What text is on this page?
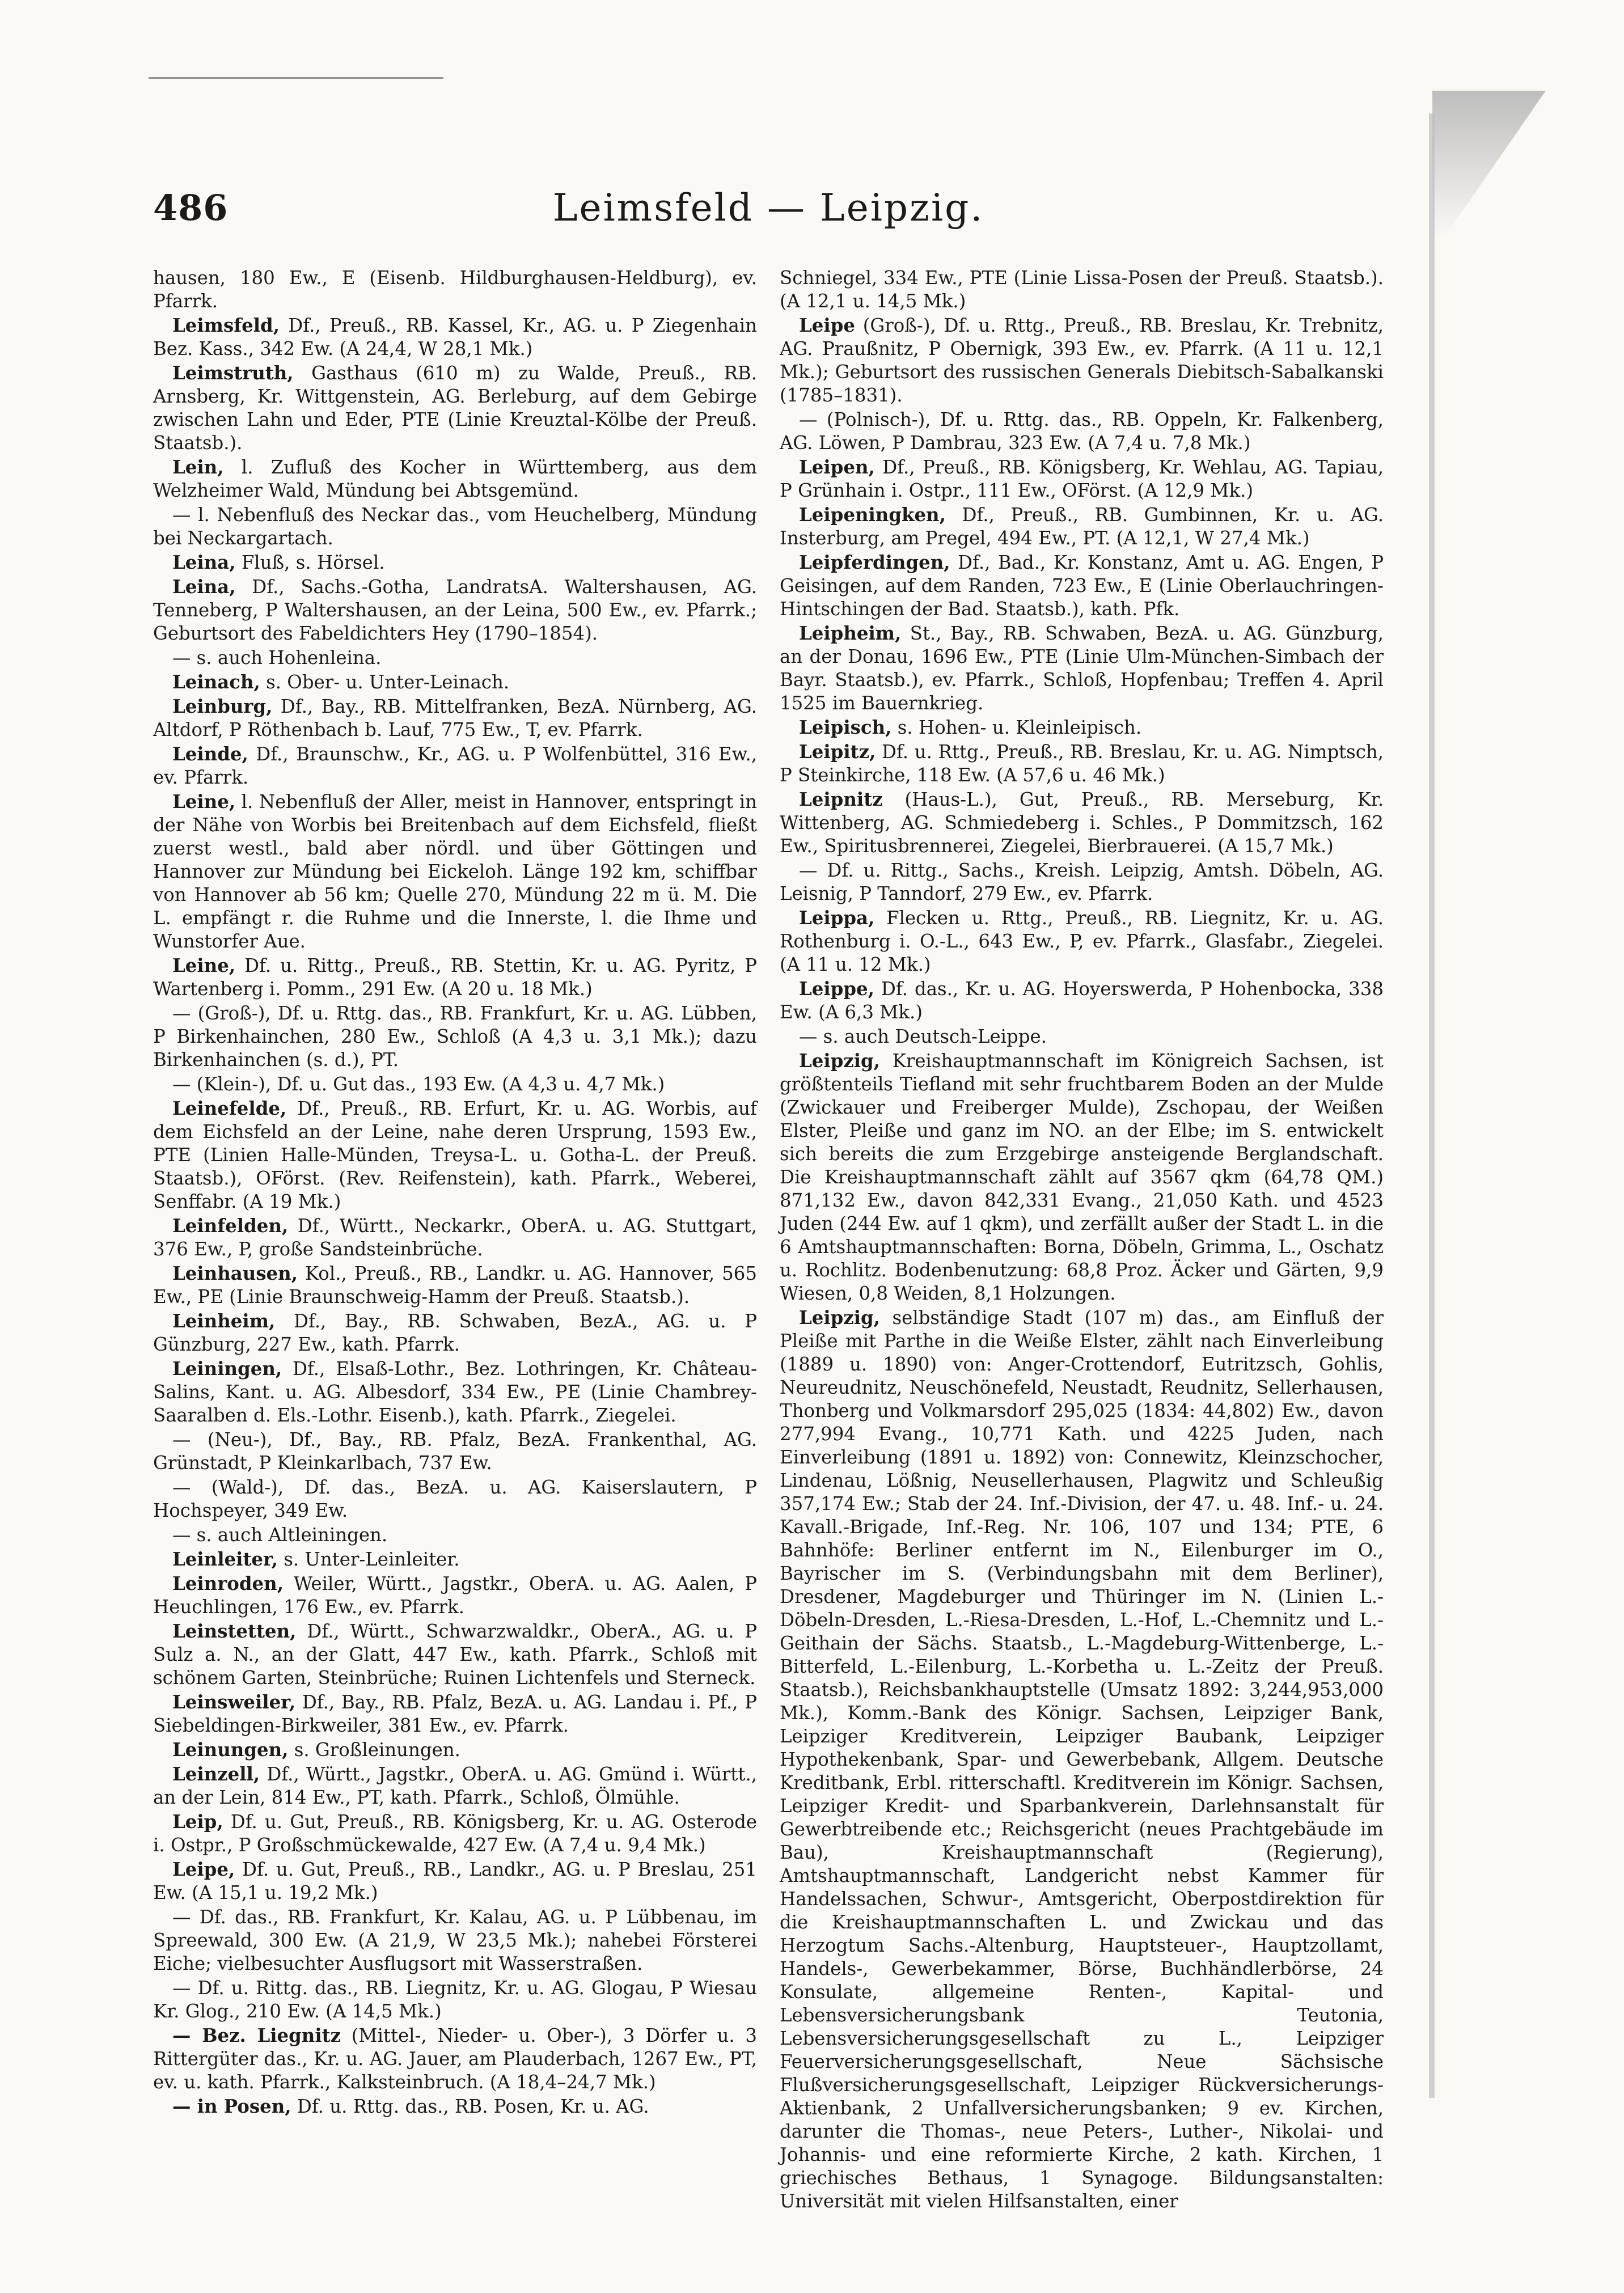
486	Leimsfeld — Leipzig.

hausen, 180 Ew., E (Eisenb. Hildburghausen-Heldburg), ev. Pfarrk.

Leimsfeld, Df., Preuß., RB. Kassel, Kr., AG. u. P Ziegenhain Bez. Kass., 342 Ew. (A 24,4, W 28,1 Mk.)

Leimstruth, Gasthaus (610 m) zu Walde, Preuß., RB. Arnsberg, Kr. Wittgenstein, AG. Berleburg, auf dem Gebirge zwischen Lahn und Eder, PTE (Linie Kreuztal-Kölbe der Preuß. Staatsb.).

Lein, l. Zufluß des Kocher in Württemberg, aus dem Welzheimer Wald, Mündung bei Abtsgemünd.

— l. Nebenfluß des Neckar das., vom Heuchelberg, Mündung bei Neckargartach.

Leina, Fluß, s. Hörsel.

Leina, Df., Sachs.-Gotha, LandratsA. Waltershausen, AG. Tenneberg, P Waltershausen, an der Leina, 500 Ew., ev. Pfarrk.; Geburtsort des Fabeldichters Hey (1790–1854).

— s. auch Hohenleina.

Leinach, s. Ober- u. Unter-Leinach.

Leinburg, Df., Bay., RB. Mittelfranken, BezA. Nürnberg, AG. Altdorf, P Röthenbach b. Lauf, 775 Ew., T, ev. Pfarrk.

Leinde, Df., Braunschw., Kr., AG. u. P Wolfenbüttel, 316 Ew., ev. Pfarrk.

Leine, l. Nebenfluß der Aller, meist in Hannover, entspringt in der Nähe von Worbis bei Breitenbach auf dem Eichsfeld, fließt zuerst westl., bald aber nördl. und über Göttingen und Hannover zur Mündung bei Eickeloh. Länge 192 km, schiffbar von Hannover ab 56 km; Quelle 270, Mündung 22 m ü. M. Die L. empfängt r. die Ruhme und die Innerste, l. die Ihme und Wunstorfer Aue.

Leine, Df. u. Rittg., Preuß., RB. Stettin, Kr. u. AG. Pyritz, P Wartenberg i. Pomm., 291 Ew. (A 20 u. 18 Mk.)

— (Groß-), Df. u. Rttg. das., RB. Frankfurt, Kr. u. AG. Lübben, P Birkenhainchen, 280 Ew., Schloß (A 4,3 u. 3,1 Mk.); dazu Birkenhainchen (s. d.), PT.

— (Klein-), Df. u. Gut das., 193 Ew. (A 4,3 u. 4,7 Mk.)

Leinefelde, Df., Preuß., RB. Erfurt, Kr. u. AG. Worbis, auf dem Eichsfeld an der Leine, nahe deren Ursprung, 1593 Ew., PTE (Linien Halle-Münden, Treysa-L. u. Gotha-L. der Preuß. Staatsb.), OFörst. (Rev. Reifenstein), kath. Pfarrk., Weberei, Senffabr. (A 19 Mk.)

Leinfelden, Df., Württ., Neckarkr., OberA. u. AG. Stuttgart, 376 Ew., P, große Sandsteinbrüche.

Leinhausen, Kol., Preuß., RB., Landkr. u. AG. Hannover, 565 Ew., PE (Linie Braunschweig-Hamm der Preuß. Staatsb.).

Leinheim, Df., Bay., RB. Schwaben, BezA., AG. u. P Günzburg, 227 Ew., kath. Pfarrk.

Leiningen, Df., Elsaß-Lothr., Bez. Lothringen, Kr. Château-Salins, Kant. u. AG. Albesdorf, 334 Ew., PE (Linie Chambrey-Saaralben d. Els.-Lothr. Eisenb.), kath. Pfarrk., Ziegelei.

— (Neu-), Df., Bay., RB. Pfalz, BezA. Frankenthal, AG. Grünstadt, P Kleinkarlbach, 737 Ew.

— (Wald-), Df. das., BezA. u. AG. Kaiserslautern, P Hochspeyer, 349 Ew.

— s. auch Altleiningen.

Leinleiter, s. Unter-Leinleiter.

Leinroden, Weiler, Württ., Jagstkr., OberA. u. AG. Aalen, P Heuchlingen, 176 Ew., ev. Pfarrk.

Leinstetten, Df., Württ., Schwarzwaldkr., OberA., AG. u. P Sulz a. N., an der Glatt, 447 Ew., kath. Pfarrk., Schloß mit schönem Garten, Steinbrüche; Ruinen Lichtenfels und Sterneck.

Leinsweiler, Df., Bay., RB. Pfalz, BezA. u. AG. Landau i. Pf., P Siebeldingen-Birkweiler, 381 Ew., ev. Pfarrk.

Leinungen, s. Großleinungen.

Leinzell, Df., Württ., Jagstkr., OberA. u. AG. Gmünd i. Württ., an der Lein, 814 Ew., PT, kath. Pfarrk., Schloß, Ölmühle.

Leip, Df. u. Gut, Preuß., RB. Königsberg, Kr. u. AG. Osterode i. Ostpr., P Großschmückewalde, 427 Ew. (A 7,4 u. 9,4 Mk.)

Leipe, Df. u. Gut, Preuß., RB., Landkr., AG. u. P Breslau, 251 Ew. (A 15,1 u. 19,2 Mk.)

— Df. das., RB. Frankfurt, Kr. Kalau, AG. u. P Lübbenau, im Spreewald, 300 Ew. (A 21,9, W 23,5 Mk.); nahebei Försterei Eiche; vielbesuchter Ausflugsort mit Wasserstraßen.

— Df. u. Rittg. das., RB. Liegnitz, Kr. u. AG. Glogau, P Wiesau Kr. Glog., 210 Ew. (A 14,5 Mk.)

— Bez. Liegnitz (Mittel-, Nieder- u. Ober-), 3 Dörfer u. 3 Rittergüter das., Kr. u. AG. Jauer, am Plauderbach, 1267 Ew., PT, ev. u. kath. Pfarrk., Kalksteinbruch. (A 18,4–24,7 Mk.)

— in Posen, Df. u. Rttg. das., RB. Posen, Kr. u. AG.

Schniegel, 334 Ew., PTE (Linie Lissa-Posen der Preuß. Staatsb.). (A 12,1 u. 14,5 Mk.)

Leipe (Groß-), Df. u. Rttg., Preuß., RB. Breslau, Kr. Trebnitz, AG. Praußnitz, P Obernigk, 393 Ew., ev. Pfarrk. (A 11 u. 12,1 Mk.); Geburtsort des russischen Generals Diebitsch-Sabalkanski (1785–1831).

— (Polnisch-), Df. u. Rttg. das., RB. Oppeln, Kr. Falkenberg, AG. Löwen, P Dambrau, 323 Ew. (A 7,4 u. 7,8 Mk.)

Leipen, Df., Preuß., RB. Königsberg, Kr. Wehlau, AG. Tapiau, P Grünhain i. Ostpr., 111 Ew., OFörst. (A 12,9 Mk.)

Leipeningken, Df., Preuß., RB. Gumbinnen, Kr. u. AG. Insterburg, am Pregel, 494 Ew., PT. (A 12,1, W 27,4 Mk.)

Leipferdingen, Df., Bad., Kr. Konstanz, Amt u. AG. Engen, P Geisingen, auf dem Randen, 723 Ew., E (Linie Oberlauchringen-Hintschingen der Bad. Staatsb.), kath. Pfk.

Leipheim, St., Bay., RB. Schwaben, BezA. u. AG. Günzburg, an der Donau, 1696 Ew., PTE (Linie Ulm-München-Simbach der Bayr. Staatsb.), ev. Pfarrk., Schloß, Hopfenbau; Treffen 4. April 1525 im Bauernkrieg.

Leipisch, s. Hohen- u. Kleinleipisch.

Leipitz, Df. u. Rttg., Preuß., RB. Breslau, Kr. u. AG. Nimptsch, P Steinkirche, 118 Ew. (A 57,6 u. 46 Mk.)

Leipnitz (Haus-L.), Gut, Preuß., RB. Merseburg, Kr. Wittenberg, AG. Schmiedeberg i. Schles., P Dommitzsch, 162 Ew., Spiritusbrennerei, Ziegelei, Bierbrauerei. (A 15,7 Mk.)

— Df. u. Rittg., Sachs., Kreish. Leipzig, Amtsh. Döbeln, AG. Leisnig, P Tanndorf, 279 Ew., ev. Pfarrk.

Leippa, Flecken u. Rttg., Preuß., RB. Liegnitz, Kr. u. AG. Rothenburg i. O.-L., 643 Ew., P, ev. Pfarrk., Glasfabr., Ziegelei. (A 11 u. 12 Mk.)

Leippe, Df. das., Kr. u. AG. Hoyerswerda, P Hohenbocka, 338 Ew. (A 6,3 Mk.)

— s. auch Deutsch-Leippe.

Leipzig, Kreishauptmannschaft im Königreich Sachsen, ist größtenteils Tiefland mit sehr fruchtbarem Boden an der Mulde (Zwickauer und Freiberger Mulde), Zschopau, der Weißen Elster, Pleiße und ganz im NO. an der Elbe; im S. entwickelt sich bereits die zum Erzgebirge ansteigende Berglandschaft. Die Kreishauptmannschaft zählt auf 3567 qkm (64,78 QM.) 871,132 Ew., davon 842,331 Evang., 21,050 Kath. und 4523 Juden (244 Ew. auf 1 qkm), und zerfällt außer der Stadt L. in die 6 Amtshauptmannschaften: Borna, Döbeln, Grimma, L., Oschatz u. Rochlitz. Bodenbenutzung: 68,8 Proz. Äcker und Gärten, 9,9 Wiesen, 0,8 Weiden, 8,1 Holzungen.

Leipzig, selbständige Stadt (107 m) das., am Einfluß der Pleiße mit Parthe in die Weiße Elster, zählt nach Einverleibung (1889 u. 1890) von: Anger-Crottendorf, Eutritzsch, Gohlis, Neureudnitz, Neuschönefeld, Neustadt, Reudnitz, Sellerhausen, Thonberg und Volkmarsdorf 295,025 (1834: 44,802) Ew., davon 277,994 Evang., 10,771 Kath. und 4225 Juden, nach Einverleibung (1891 u. 1892) von: Connewitz, Kleinzschocher, Lindenau, Lößnig, Neusellerhausen, Plagwitz und Schleußig 357,174 Ew.; Stab der 24. Inf.-Division, der 47. u. 48. Inf.- u. 24. Kavall.-Brigade, Inf.-Reg. Nr. 106, 107 und 134; PTE, 6 Bahnhöfe: Berliner entfernt im N., Eilenburger im O., Bayrischer im S. (Verbindungsbahn mit dem Berliner), Dresdener, Magdeburger und Thüringer im N. (Linien L.-Döbeln-Dresden, L.-Riesa-Dresden, L.-Hof, L.-Chemnitz und L.-Geithain der Sächs. Staatsb., L.-Magdeburg-Wittenberge, L.-Bitterfeld, L.-Eilenburg, L.-Korbetha u. L.-Zeitz der Preuß. Staatsb.), Reichsbankhauptstelle (Umsatz 1892: 3,244,953,000 Mk.), Komm.-Bank des Königr. Sachsen, Leipziger Bank, Leipziger Kreditverein, Leipziger Baubank, Leipziger Hypothekenbank, Spar- und Gewerbebank, Allgem. Deutsche Kreditbank, Erbl. ritterschaftl. Kreditverein im Königr. Sachsen, Leipziger Kredit- und Sparbankverein, Darlehnsanstalt für Gewerbtreibende etc.; Reichsgericht (neues Prachtgebäude im Bau), Kreishauptmannschaft (Regierung), Amtshauptmannschaft, Landgericht nebst Kammer für Handelssachen, Schwur-, Amtsgericht, Oberpostdirektion für die Kreishauptmannschaften L. und Zwickau und das Herzogtum Sachs.-Altenburg, Hauptsteuer-, Hauptzollamt, Handels-, Gewerbekammer, Börse, Buchhändlerbörse, 24 Konsulate, allgemeine Renten-, Kapital- und Lebensversicherungsbank Teutonia, Lebensversicherungsgesellschaft zu L., Leipziger Feuerversicherungsgesellschaft, Neue Sächsische Flußversicherungsgesellschaft, Leipziger Rückversicherungs-Aktienbank, 2 Unfallversicherungsbanken; 9 ev. Kirchen, darunter die Thomas-, neue Peters-, Luther-, Nikolai- und Johannis- und eine reformierte Kirche, 2 kath. Kirchen, 1 griechisches Bethaus, 1 Synagoge. Bildungsanstalten: Universität mit vielen Hilfsanstalten, einer
